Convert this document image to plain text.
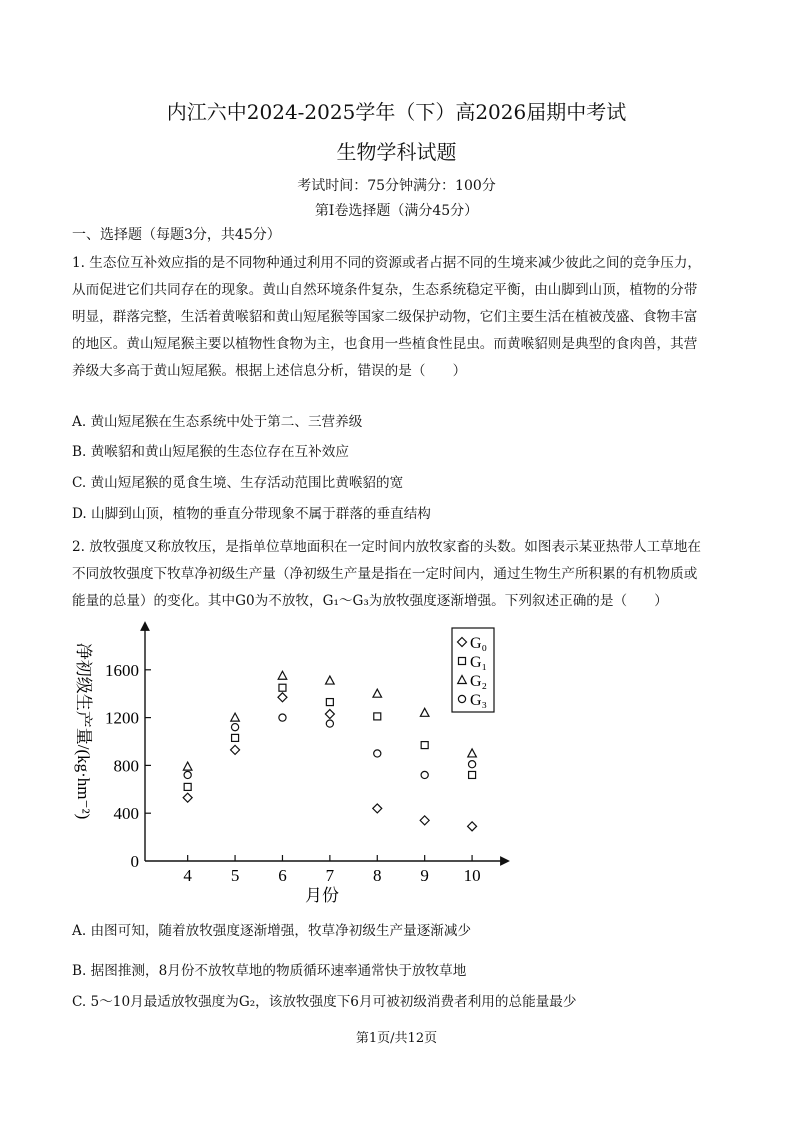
内江六中2024-2025学年（下）高2026届期中考试
生物学科试题
考试时间：75分钟满分：100分
第I卷选择题（满分45分）
一、选择题（每题3分，共45分）
1. 生态位互补效应指的是不同物种通过利用不同的资源或者占据不同的生境来减少彼此之间的竞争压力，
从而促进它们共同存在的现象。黄山自然环境条件复杂，生态系统稳定平衡，由山脚到山顶，植物的分带
明显，群落完整，生活着黄喉貂和黄山短尾猴等国家二级保护动物，它们主要生活在植被茂盛、食物丰富
的地区。黄山短尾猴主要以植物性食物为主，也食用一些植食性昆虫。而黄喉貂则是典型的食肉兽，其营
养级大多高于黄山短尾猴。根据上述信息分析，错误的是（　　）
A. 黄山短尾猴在生态系统中处于第二、三营养级
B. 黄喉貂和黄山短尾猴的生态位存在互补效应
C. 黄山短尾猴的觅食生境、生存活动范围比黄喉貂的宽
D. 山脚到山顶，植物的垂直分带现象不属于群落的垂直结构
2. 放牧强度又称放牧压，是指单位草地面积在一定时间内放牧家畜的头数。如图表示某亚热带人工草地在
不同放牧强度下牧草净初级生产量（净初级生产量是指在一定时间内，通过生物生产所积累的有机物质或
能量的总量）的变化。其中G0为不放牧，G₁～G₃为放牧强度逐渐增强。下列叙述正确的是（　　）
0
400
800
1200
1600
4 5 6 7 8 9 10
净初级生产量/(kg·hm⁻²)
月份
G₀
G₁
G₂
G₃
A. 由图可知，随着放牧强度逐渐增强，牧草净初级生产量逐渐减少
B. 据图推测，8月份不放牧草地的物质循环速率通常快于放牧草地
C. 5～10月最适放牧强度为G₂，该放牧强度下6月可被初级消费者利用的总能量最少
第1页/共12页
